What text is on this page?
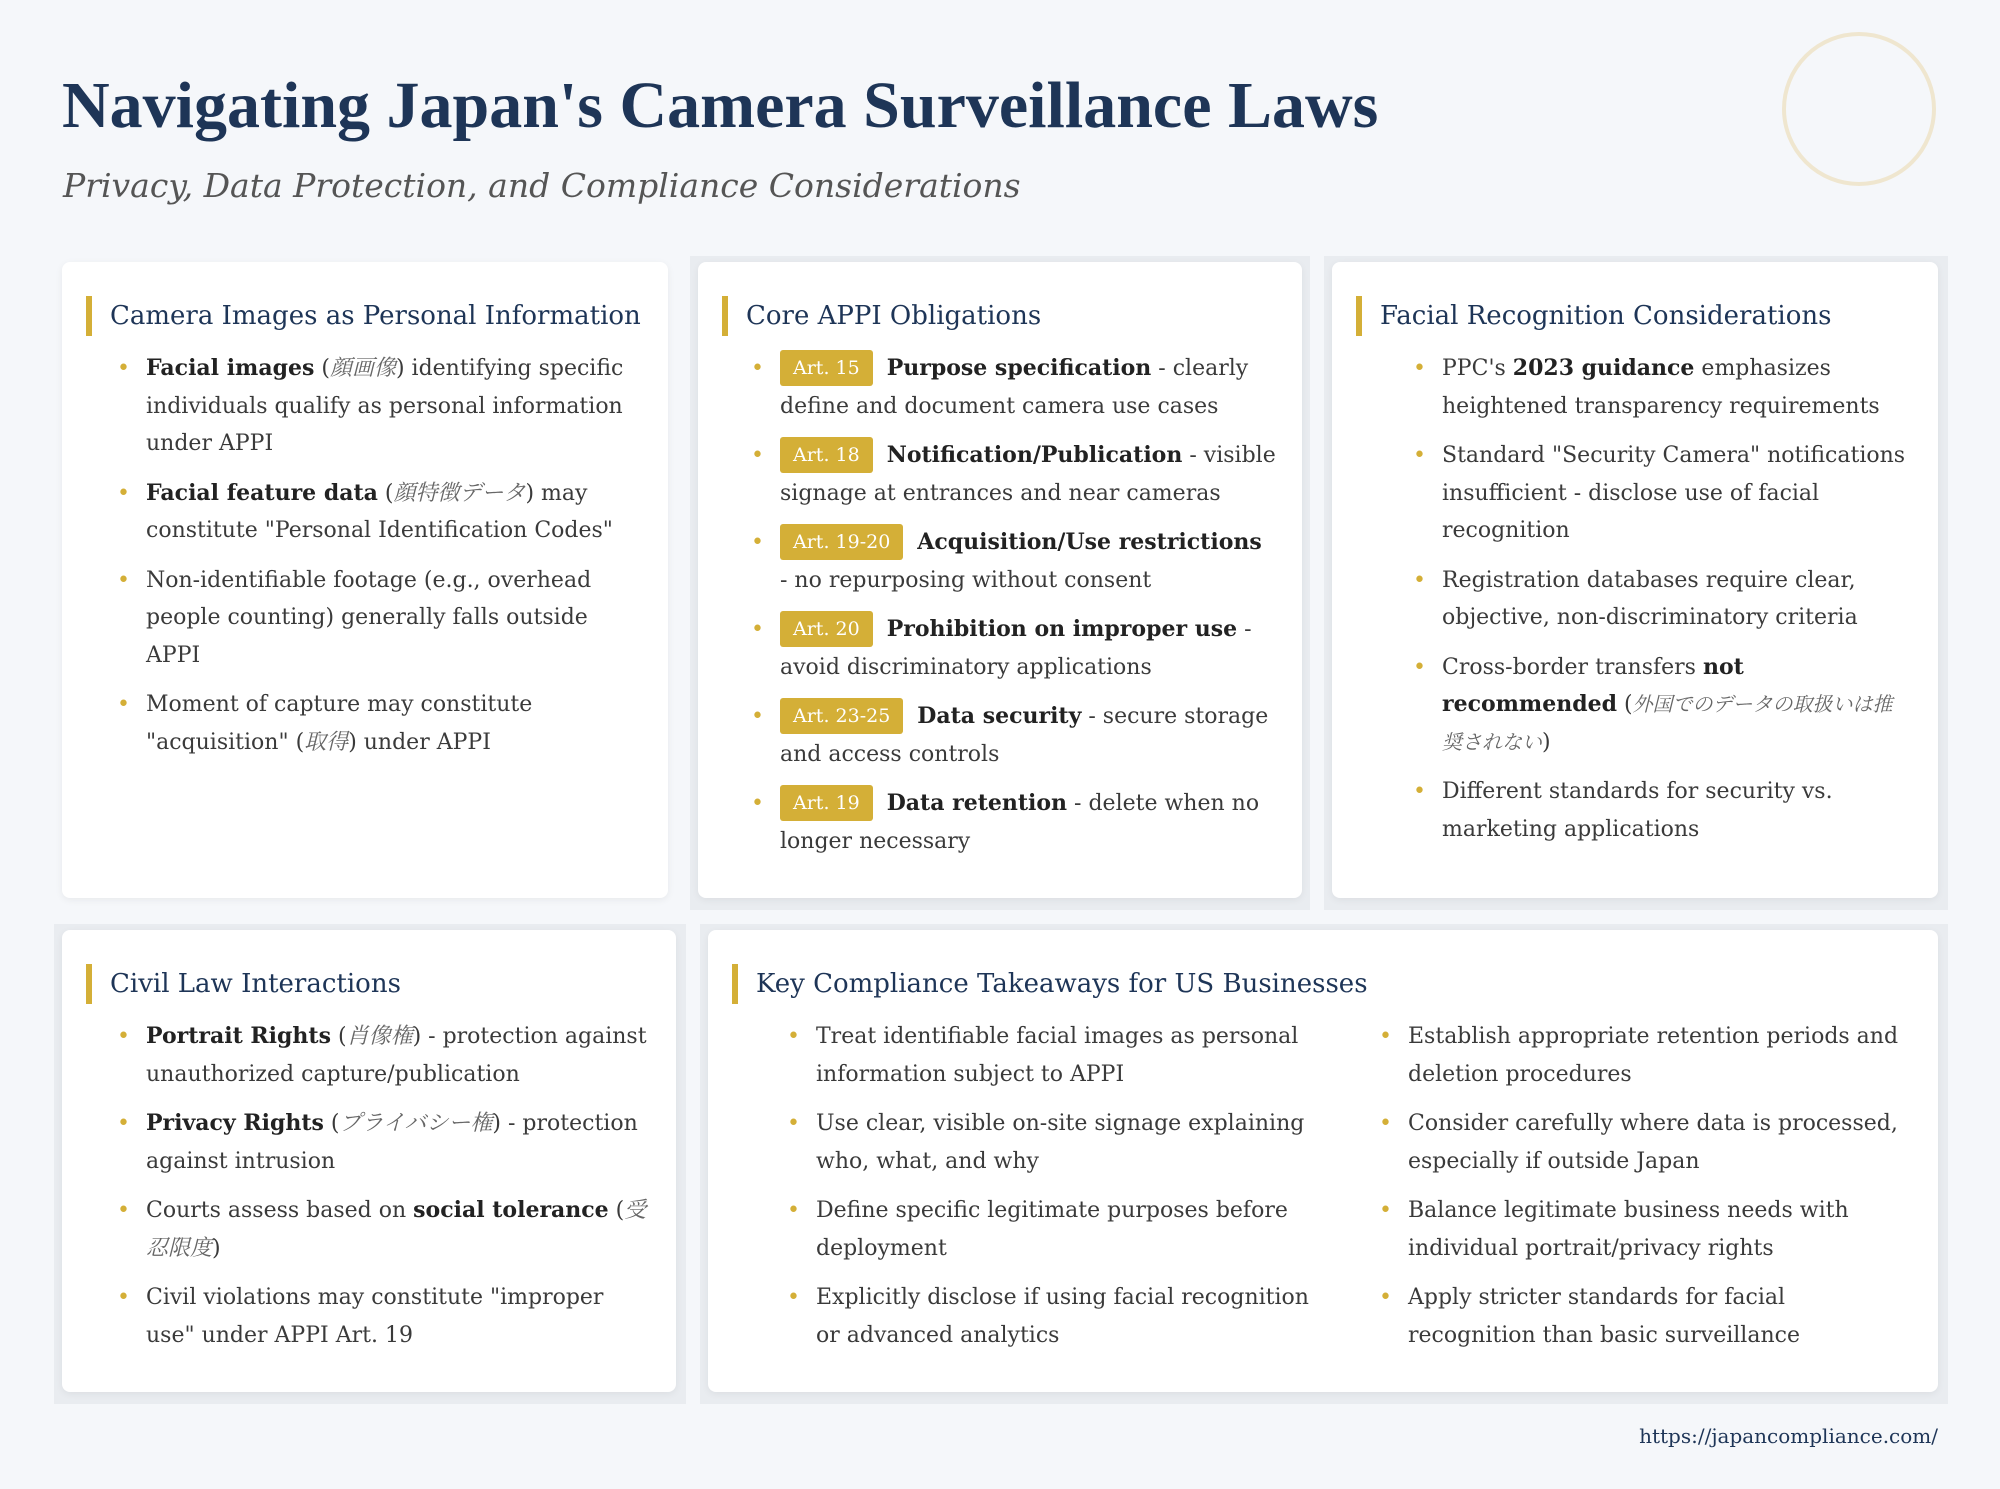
Navigating Japan's Camera Surveillance Laws
Privacy, Data Protection, and Compliance Considerations
Camera Images as Personal Information
• Facial images (顔画像) identifying specific individuals qualify as personal information under APPI
• Facial feature data (顔特徴データ) may constitute "Personal Identification Codes"
• Non-identifiable footage (e.g., overhead people counting) generally falls outside APPI
• Moment of capture may constitute "acquisition" (取得) under APPI
Core APPI Obligations
• Art. 15 Purpose specification - clearly define and document camera use cases
• Art. 18 Notification/Publication - visible signage at entrances and near cameras
• Art. 19-20 Acquisition/Use restrictions - no repurposing without consent
• Art. 20 Prohibition on improper use - avoid discriminatory applications
• Art. 23-25 Data security - secure storage and access controls
• Art. 19 Data retention - delete when no longer necessary
Facial Recognition Considerations
• PPC's 2023 guidance emphasizes heightened transparency requirements
• Standard "Security Camera" notifications insufficient - disclose use of facial recognition
• Registration databases require clear, objective, non-discriminatory criteria
• Cross-border transfers not recommended (外国でのデータの取扱いは推奨されない)
• Different standards for security vs. marketing applications
Civil Law Interactions
• Portrait Rights (肖像権) - protection against unauthorized capture/publication
• Privacy Rights (プライバシー権) - protection against intrusion
• Courts assess based on social tolerance (受忍限度)
• Civil violations may constitute "improper use" under APPI Art. 19
Key Compliance Takeaways for US Businesses
• Treat identifiable facial images as personal information subject to APPI
• Use clear, visible on-site signage explaining who, what, and why
• Define specific legitimate purposes before deployment
• Explicitly disclose if using facial recognition or advanced analytics
• Establish appropriate retention periods and deletion procedures
• Consider carefully where data is processed, especially if outside Japan
• Balance legitimate business needs with individual portrait/privacy rights
• Apply stricter standards for facial recognition than basic surveillance
https://japancompliance.com/
